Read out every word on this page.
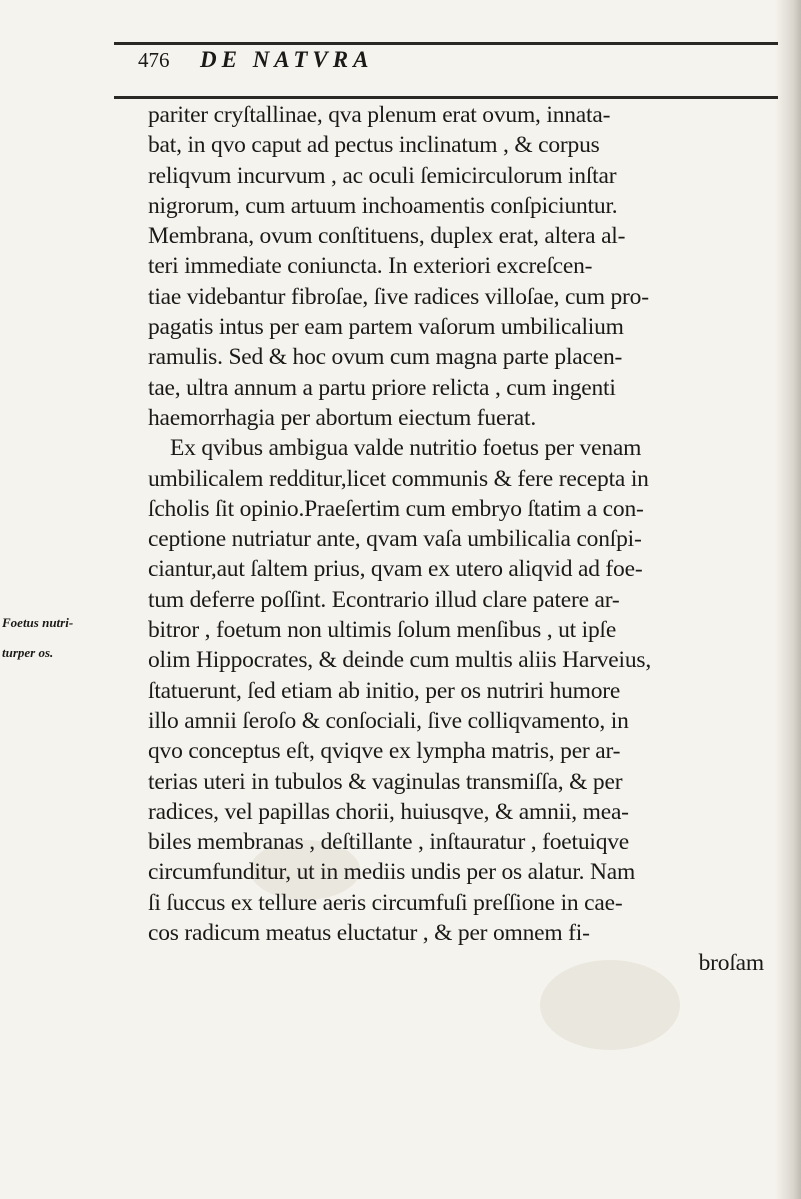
476 DE NATVRA
Foetus nutri-
turper os.
pariter cryſtallinae, qva plenum erat ovum, innata-
bat, in qvo caput ad pectus inclinatum , & corpus
reliqvum incurvum , ac oculi ſemicirculorum inſtar
nigrorum, cum artuum inchoamentis conſpiciuntur.
Membrana, ovum conſtituens, duplex erat, altera al-
teri immediate coniuncta. In exteriori excreſcen-
tiae videbantur fibroſae, ſive radices villoſae, cum pro-
pagatis intus per eam partem vaſorum umbilicalium
ramulis. Sed & hoc ovum cum magna parte placen-
tae, ultra annum a partu priore relicta , cum ingenti
haemorrhagia per abortum eiectum fuerat.
Ex qvibus ambigua valde nutritio foetus per venam
umbilicalem redditur,licet communis & fere recepta in
ſcholis ſit opinio.Praeſertim cum embryo ſtatim a con-
ceptione nutriatur ante, qvam vaſa umbilicalia conſpi-
ciantur,aut ſaltem prius, qvam ex utero aliqvid ad foe-
tum deferre poſſint. Econtrario illud clare patere ar-
bitror , foetum non ultimis ſolum menſibus , ut ipſe
olim Hippocrates, & deinde cum multis aliis Harveius,
ſtatuerunt, ſed etiam ab initio, per os nutriri humore
illo amnii ſeroſo & conſociali, ſive colliqvamento, in
qvo conceptus eſt, qviqve ex lympha matris, per ar-
terias uteri in tubulos & vaginulas transmiſſa, & per
radices, vel papillas chorii, huiusqve, & amnii, mea-
biles membranas , deſtillante , inſtauratur , foetuiqve
circumfunditur, ut in mediis undis per os alatur. Nam
ſi ſuccus ex tellure aeris circumfuſi preſſione in cae-
cos radicum meatus eluctatur , & per omnem fi-
broſam
